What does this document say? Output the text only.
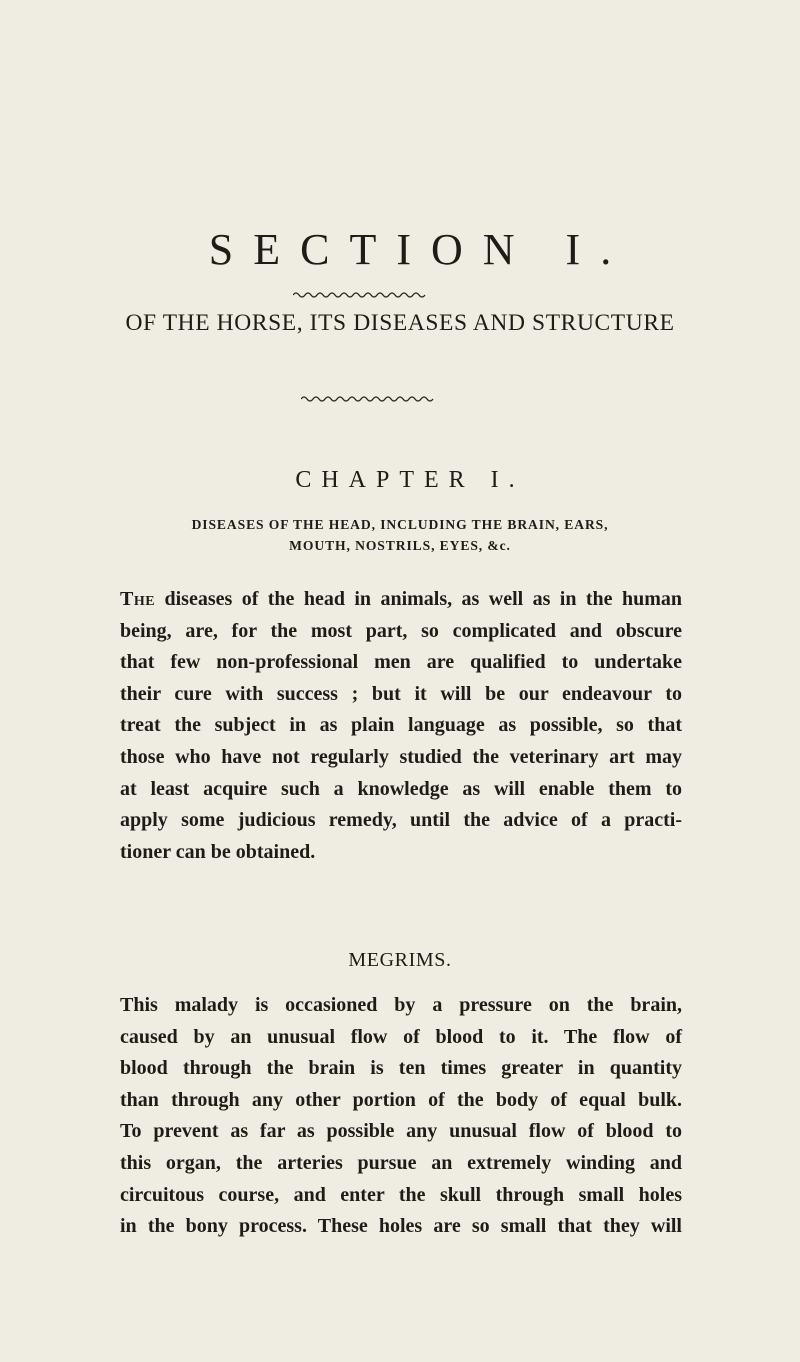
SECTION I.
OF THE HORSE, ITS DISEASES AND STRUCTURE
CHAPTER I.
DISEASES OF THE HEAD, INCLUDING THE BRAIN, EARS,
MOUTH, NOSTRILS, EYES, &c.
The diseases of the head in animals, as well as in the human
being, are, for the most part, so complicated and obscure
that few non-professional men are qualified to undertake
their cure with success ; but it will be our endeavour to
treat the subject in as plain language as possible, so that
those who have not regularly studied the veterinary art may
at least acquire such a knowledge as will enable them to
apply some judicious remedy, until the advice of a practi-
tioner can be obtained.
MEGRIMS.
This malady is occasioned by a pressure on the brain,
caused by an unusual flow of blood to it. The flow of
blood through the brain is ten times greater in quantity
than through any other portion of the body of equal bulk.
To prevent as far as possible any unusual flow of blood to
this organ, the arteries pursue an extremely winding and
circuitous course, and enter the skull through small holes
in the bony process. These holes are so small that they will
